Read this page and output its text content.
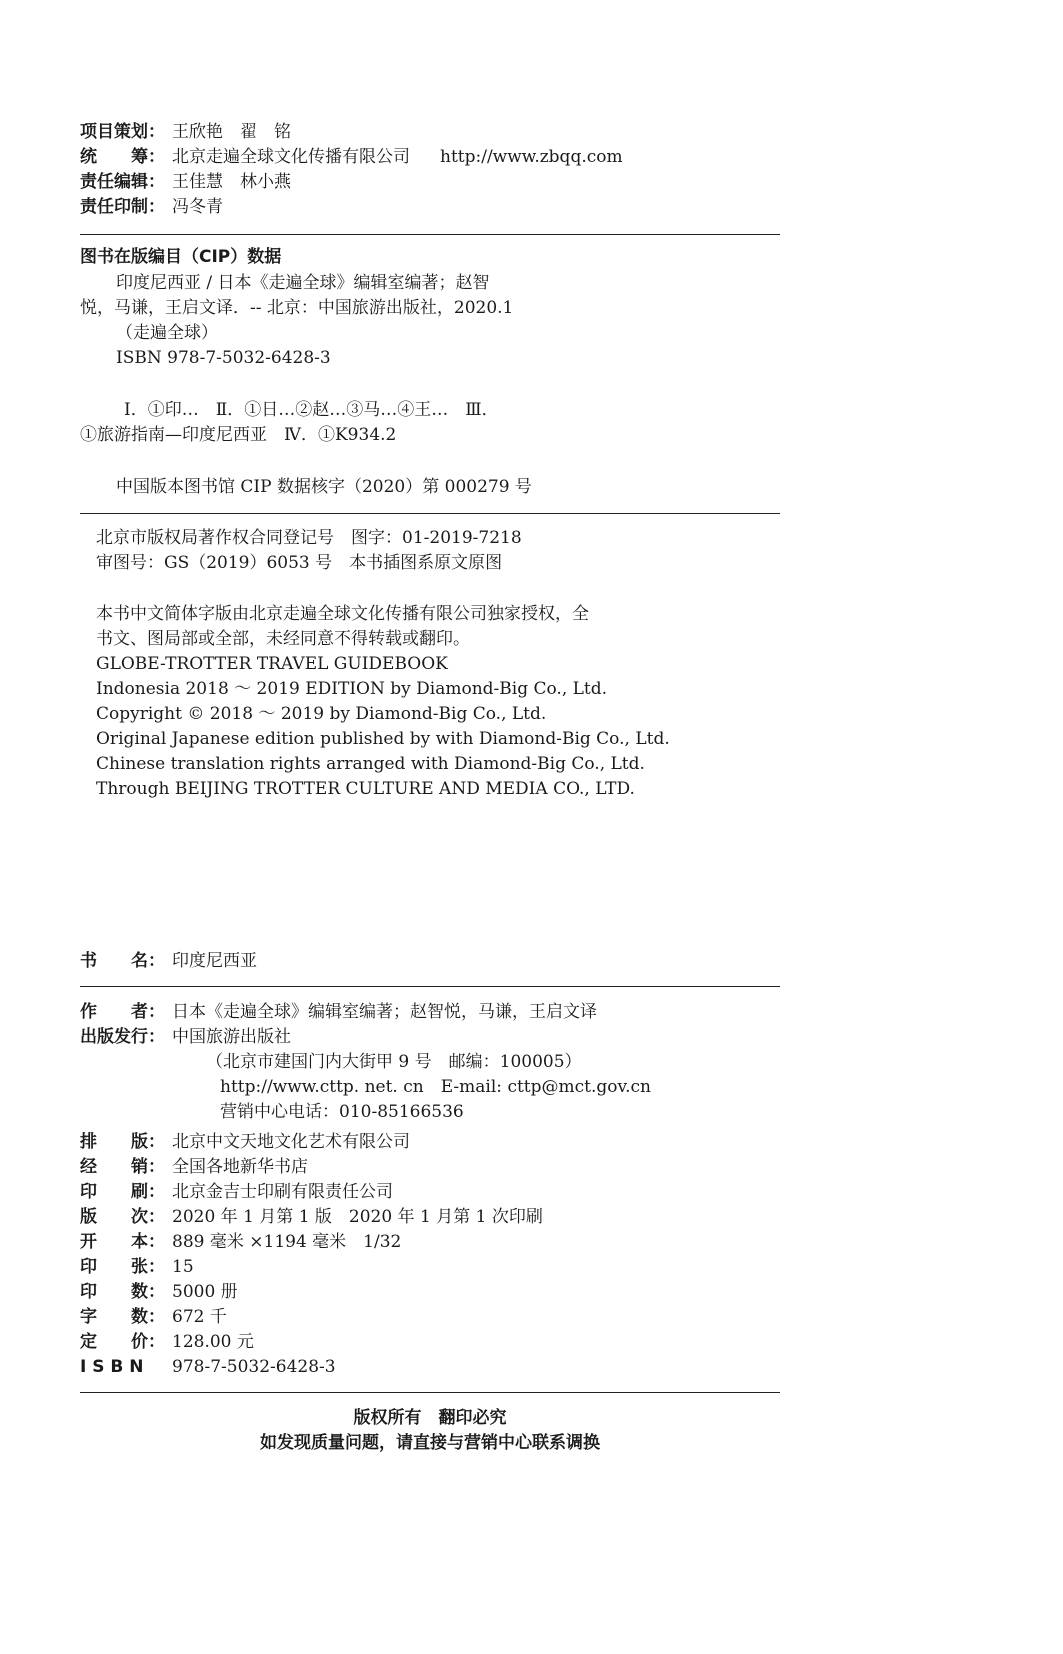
项目策划： 王欣艳　翟　铭
统　　筹： 北京走遍全球文化传播有限公司 http://www.zbqq.com
责任编辑： 王佳慧　林小燕
责任印制： 冯冬青
图书在版编目（CIP）数据
印度尼西亚 / 日本《走遍全球》编辑室编著；赵智
悦，马谦，王启文译．-- 北京：中国旅游出版社，2020.1
（走遍全球）
ISBN 978-7-5032-6428-3
Ⅰ．①印…　Ⅱ．①日…②赵…③马…④王…　Ⅲ．
①旅游指南—印度尼西亚　Ⅳ．①K934.2
中国版本图书馆 CIP 数据核字（2020）第 000279 号
北京市版权局著作权合同登记号　图字：01-2019-7218
审图号：GS（2019）6053 号　本书插图系原文原图
本书中文简体字版由北京走遍全球文化传播有限公司独家授权，全
书文、图局部或全部，未经同意不得转载或翻印。
GLOBE-TROTTER TRAVEL GUIDEBOOK
Indonesia 2018 ～ 2019 EDITION by Diamond-Big Co., Ltd.
Copyright © 2018 ～ 2019 by Diamond-Big Co., Ltd.
Original Japanese edition published by with Diamond-Big Co., Ltd.
Chinese translation rights arranged with Diamond-Big Co., Ltd.
Through BEIJING TROTTER CULTURE AND MEDIA CO., LTD.
书　　名： 印度尼西亚
作　　者： 日本《走遍全球》编辑室编著；赵智悦，马谦，王启文译
出版发行： 中国旅游出版社
（北京市建国门内大街甲 9 号　邮编：100005）
http://www.cttp. net. cn　E-mail: cttp@mct.gov.cn
营销中心电话：010-85166536
排　　版： 北京中文天地文化艺术有限公司
经　　销： 全国各地新华书店
印　　刷： 北京金吉士印刷有限责任公司
版　　次： 2020 年 1 月第 1 版　2020 年 1 月第 1 次印刷
开　　本： 889 毫米 ×1194 毫米　1/32
印　　张： 15
印　　数： 5000 册
字　　数： 672 千
定　　价： 128.00 元
I S B N 978-7-5032-6428-3
版权所有　翻印必究
如发现质量问题，请直接与营销中心联系调换
